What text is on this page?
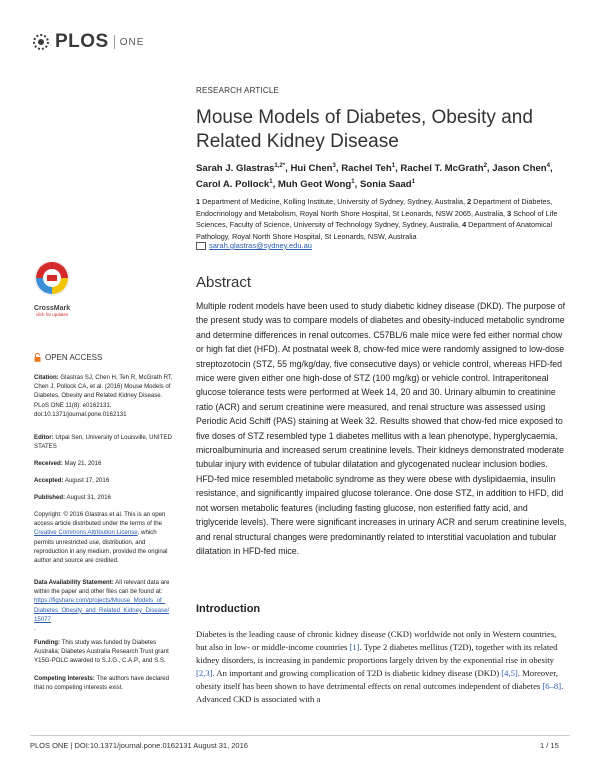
PLOS ONE
RESEARCH ARTICLE
Mouse Models of Diabetes, Obesity and Related Kidney Disease
Sarah J. Glastras$^{1,2*}$, Hui Chen$^3$, Rachel Teh$^1$, Rachel T. McGrath$^2$, Jason Chen$^4$, Carol A. Pollock$^1$, Muh Geot Wong$^1$, Sonia Saad$^1$
1 Department of Medicine, Kolling Institute, University of Sydney, Sydney, Australia, 2 Department of Diabetes, Endocrinology and Metabolism, Royal North Shore Hospital, St Leonards, NSW 2065, Australia, 3 School of Life Sciences, Faculty of Science, University of Technology Sydney, Sydney, Australia, 4 Department of Anatomical Pathology, Royal North Shore Hospital, St Leonards, NSW, Australia
sarah.glastras@sydney.edu.au
CrossMark
click for updates
OPEN ACCESS
Citation: Glastras SJ, Chen H, Teh R, McGrath RT, Chen J, Pollock CA, et al. (2016) Mouse Models of Diabetes, Obesity and Related Kidney Disease. PLoS ONE 11(8): e0162131. doi:10.1371/journal.pone.0162131
Editor: Utpal Sen, University of Louisville, UNITED STATES
Received: May 21, 2016
Accepted: August 17, 2016
Published: August 31, 2016
Copyright: © 2016 Glastras et al. This is an open access article distributed under the terms of the Creative Commons Attribution License, which permits unrestricted use, distribution, and reproduction in any medium, provided the original author and source are credited.
Data Availability Statement: All relevant data are within the paper and other files can be found at:
https://figshare.com/projects/Mouse_Models_of_
Diabetes_Obesity_and_Related_Kidney_Disease/
15077
.
Funding: This study was funded by Diabetes Australia; Diabetes Australia Research Trust grant Y15G-POLC awarded to S.J.G., C.A.P., and S.S.
Competing Interests: The authors have declared that no competing interests exist.
Abstract
Multiple rodent models have been used to study diabetic kidney disease (DKD). The purpose of the present study was to compare models of diabetes and obesity-induced metabolic syndrome and determine differences in renal outcomes. C57BL/6 male mice were fed either normal chow or high fat diet (HFD). At postnatal week 8, chow-fed mice were randomly assigned to low-dose streptozotocin (STZ, 55 mg/kg/day, five consecutive days) or vehicle control, whereas HFD-fed mice were given either one high-dose of STZ (100 mg/kg) or vehicle control. Intraperitoneal glucose tolerance tests were performed at Week 14, 20 and 30. Urinary albumin to creatinine ratio (ACR) and serum creatinine were measured, and renal structure was assessed using Periodic Acid Schiff (PAS) staining at Week 32. Results showed that chow-fed mice exposed to five doses of STZ resembled type 1 diabetes mellitus with a lean phenotype, hyperglycaemia, microalbuminuria and increased serum creatinine levels. Their kidneys demonstrated moderate tubular injury with evidence of tubular dilatation and glycogenated nuclear inclusion bodies. HFD-fed mice resembled metabolic syndrome as they were obese with dyslipidaemia, insulin resistance, and significantly impaired glucose tolerance. One dose STZ, in addition to HFD, did not worsen metabolic features (including fasting glucose, non esterified fatty acid, and triglyceride levels). There were significant increases in urinary ACR and serum creatinine levels, and renal structural changes were predominantly related to interstitial vacuolation and tubular dilatation in HFD-fed mice.
Introduction
Diabetes is the leading cause of chronic kidney disease (CKD) worldwide not only in Western countries, but also in low- or middle-income countries [1]. Type 2 diabetes mellitus (T2D), together with its related kidney disorders, is increasing in pandemic proportions largely driven by the exponential rise in obesity [2,3]. An important and growing complication of T2D is diabetic kidney disease (DKD) [4,5]. Moreover, obesity itself has been shown to have detrimental effects on renal outcomes independent of diabetes [6–8]. Advanced CKD is associated with a
PLOS ONE | DOI:10.1371/journal.pone.0162131 August 31, 2016	1 / 15
